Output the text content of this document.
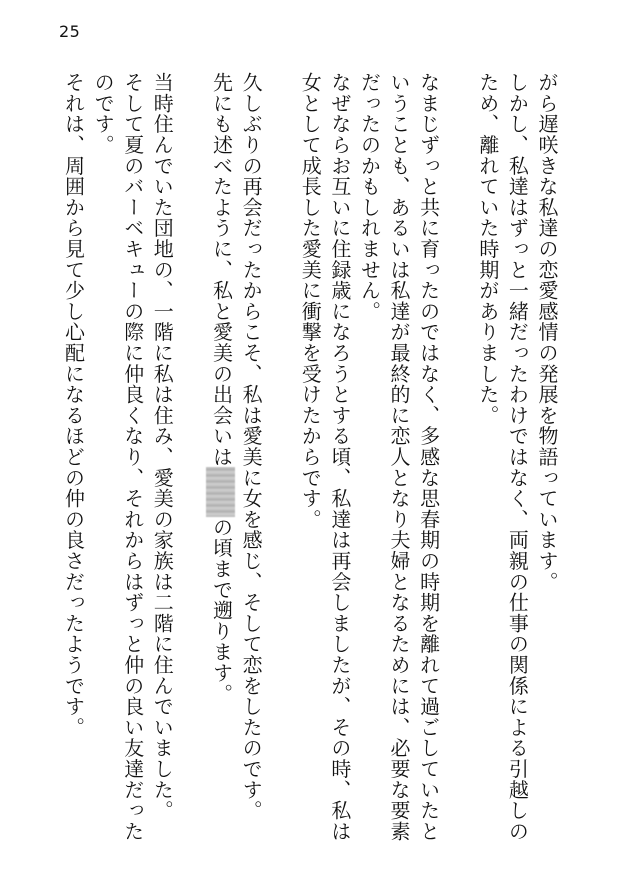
25

がら遅咲きな私達の恋愛感情の発展を物語っています。

しかし、私達はずっと一緒だったわけではなく、両親の仕事の関係による引越しのため、離れていた時期がありました。

なまじずっと共に育ったのではなく、多感な思春期の時期を離れて過ごしていたということも、あるいは私達が最終的に恋人となり夫婦となるためには、必要な要素だったのかもしれません。

なぜならお互いに住録歳になろうとする頃、私達は再会しましたが、その時、私は女として成長した愛美に衝撃を受けたからです。

久しぶりの再会だったからこそ、私は愛美に女を感じ、そして恋をしたのです。

先にも述べたように、私と愛美の出会いはの頃まで遡ります。

当時住んでいた団地の、一階に私は住み、愛美の家族は二階に住んでいました。

そして夏のバーベキューの際に仲良くなり、それからはずっと仲の良い友達だったのです。

それは、周囲から見て少し心配になるほどの仲の良さだったようです。
